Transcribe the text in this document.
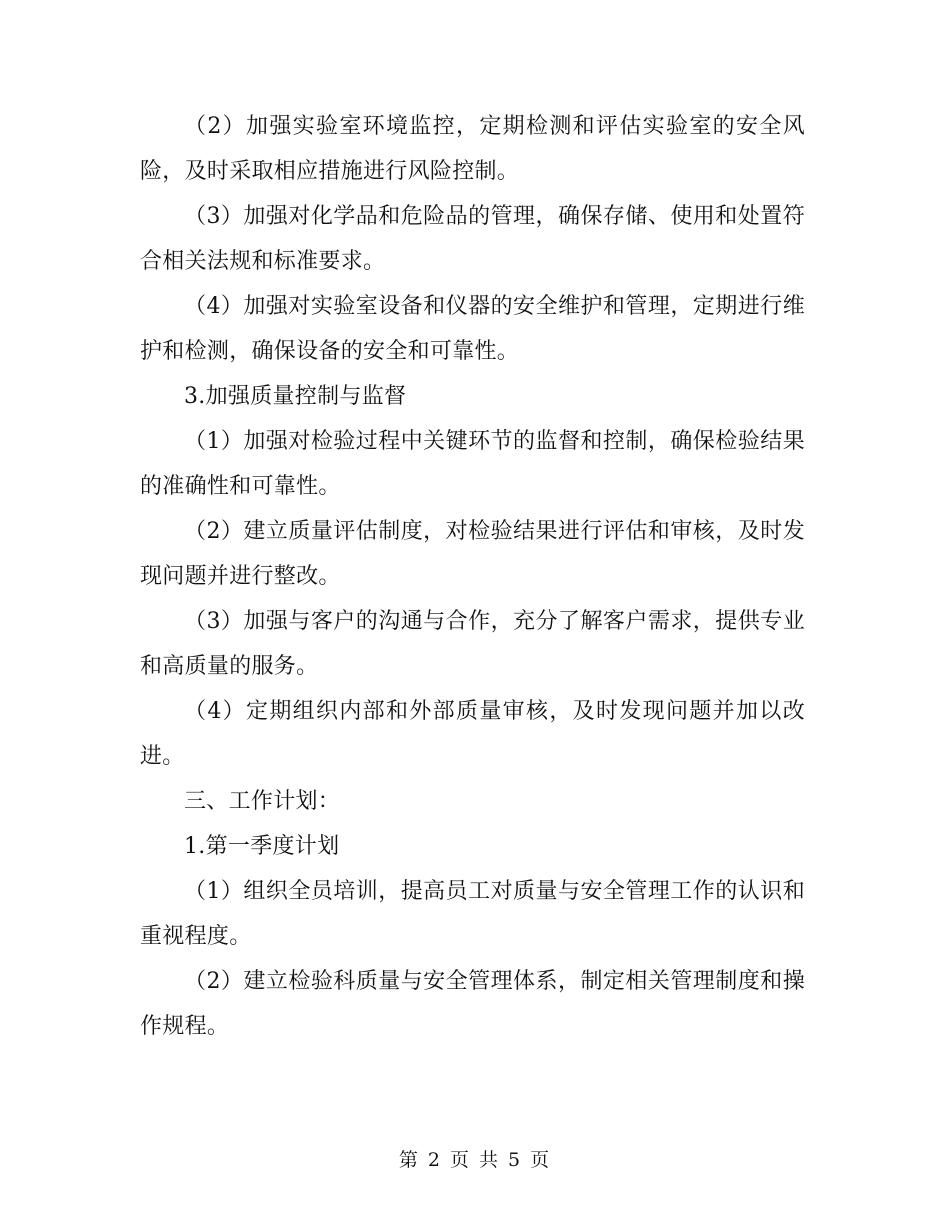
（2）加强实验室环境监控，定期检测和评估实验室的安全风险，及时采取相应措施进行风险控制。

（3）加强对化学品和危险品的管理，确保存储、使用和处置符合相关法规和标准要求。

（4）加强对实验室设备和仪器的安全维护和管理，定期进行维护和检测，确保设备的安全和可靠性。

3.加强质量控制与监督

（1）加强对检验过程中关键环节的监督和控制，确保检验结果的准确性和可靠性。

（2）建立质量评估制度，对检验结果进行评估和审核，及时发现问题并进行整改。

（3）加强与客户的沟通与合作，充分了解客户需求，提供专业和高质量的服务。

（4）定期组织内部和外部质量审核，及时发现问题并加以改进。

三、工作计划：

1.第一季度计划

（1）组织全员培训，提高员工对质量与安全管理工作的认识和重视程度。

（2）建立检验科质量与安全管理体系，制定相关管理制度和操作规程。

第 2 页 共 5 页
